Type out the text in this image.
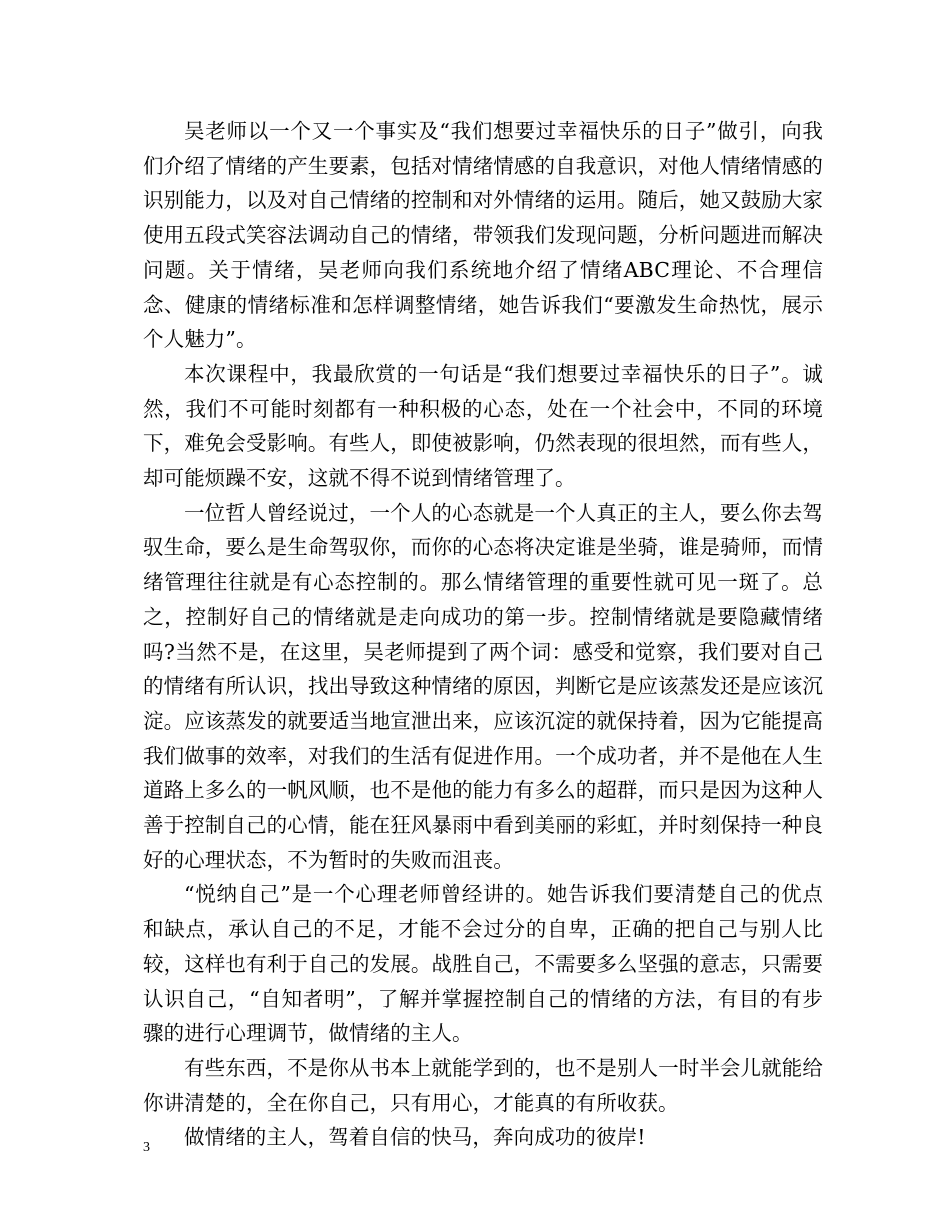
吴老师以一个又一个事实及“我们想要过幸福快乐的日子”做引，向我们介绍了情绪的产生要素，包括对情绪情感的自我意识，对他人情绪情感的识别能力，以及对自己情绪的控制和对外情绪的运用。随后，她又鼓励大家使用五段式笑容法调动自己的情绪，带领我们发现问题，分析问题进而解决问题。关于情绪，吴老师向我们系统地介绍了情绪ABC理论、不合理信念、健康的情绪标准和怎样调整情绪，她告诉我们“要激发生命热忱，展示个人魅力”。

本次课程中，我最欣赏的一句话是“我们想要过幸福快乐的日子”。诚然，我们不可能时刻都有一种积极的心态，处在一个社会中，不同的环境下，难免会受影响。有些人，即使被影响，仍然表现的很坦然，而有些人，却可能烦躁不安，这就不得不说到情绪管理了。

一位哲人曾经说过，一个人的心态就是一个人真正的主人，要么你去驾驭生命，要么是生命驾驭你，而你的心态将决定谁是坐骑，谁是骑师，而情绪管理往往就是有心态控制的。那么情绪管理的重要性就可见一斑了。总之，控制好自己的情绪就是走向成功的第一步。控制情绪就是要隐藏情绪吗?当然不是，在这里，吴老师提到了两个词：感受和觉察，我们要对自己的情绪有所认识，找出导致这种情绪的原因，判断它是应该蒸发还是应该沉淀。应该蒸发的就要适当地宣泄出来，应该沉淀的就保持着，因为它能提高我们做事的效率，对我们的生活有促进作用。一个成功者，并不是他在人生道路上多么的一帆风顺，也不是他的能力有多么的超群，而只是因为这种人善于控制自己的心情，能在狂风暴雨中看到美丽的彩虹，并时刻保持一种良好的心理状态，不为暂时的失败而沮丧。

“悦纳自己”是一个心理老师曾经讲的。她告诉我们要清楚自己的优点和缺点，承认自己的不足，才能不会过分的自卑，正确的把自己与别人比较，这样也有利于自己的发展。战胜自己，不需要多么坚强的意志，只需要认识自己，“自知者明”，了解并掌握控制自己的情绪的方法，有目的有步骤的进行心理调节，做情绪的主人。

有些东西，不是你从书本上就能学到的，也不是别人一时半会儿就能给你讲清楚的，全在你自己，只有用心，才能真的有所收获。

做情绪的主人，驾着自信的快马，奔向成功的彼岸!

3
